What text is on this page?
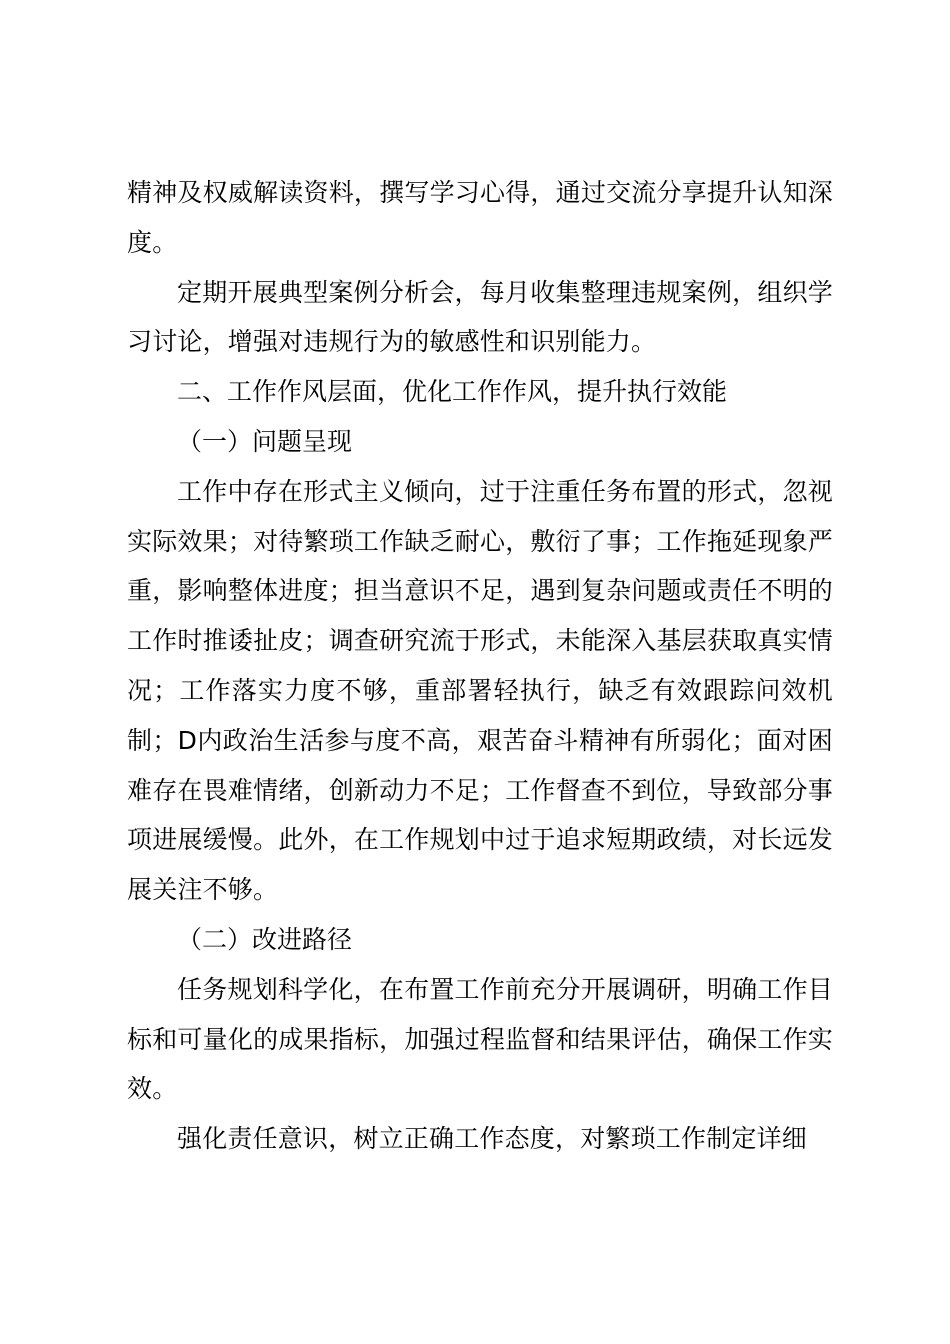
精神及权威解读资料，撰写学习心得，通过交流分享提升认知深度。

定期开展典型案例分析会，每月收集整理违规案例，组织学习讨论，增强对违规行为的敏感性和识别能力。

二、工作作风层面，优化工作作风，提升执行效能

（一）问题呈现

工作中存在形式主义倾向，过于注重任务布置的形式，忽视实际效果；对待繁琐工作缺乏耐心，敷衍了事；工作拖延现象严重，影响整体进度；担当意识不足，遇到复杂问题或责任不明的工作时推诿扯皮；调查研究流于形式，未能深入基层获取真实情况；工作落实力度不够，重部署轻执行，缺乏有效跟踪问效机制；D内政治生活参与度不高，艰苦奋斗精神有所弱化；面对困难存在畏难情绪，创新动力不足；工作督查不到位，导致部分事项进展缓慢。此外，在工作规划中过于追求短期政绩，对长远发展关注不够。

（二）改进路径

任务规划科学化，在布置工作前充分开展调研，明确工作目标和可量化的成果指标，加强过程监督和结果评估，确保工作实效。

强化责任意识，树立正确工作态度，对繁琐工作制定详细
